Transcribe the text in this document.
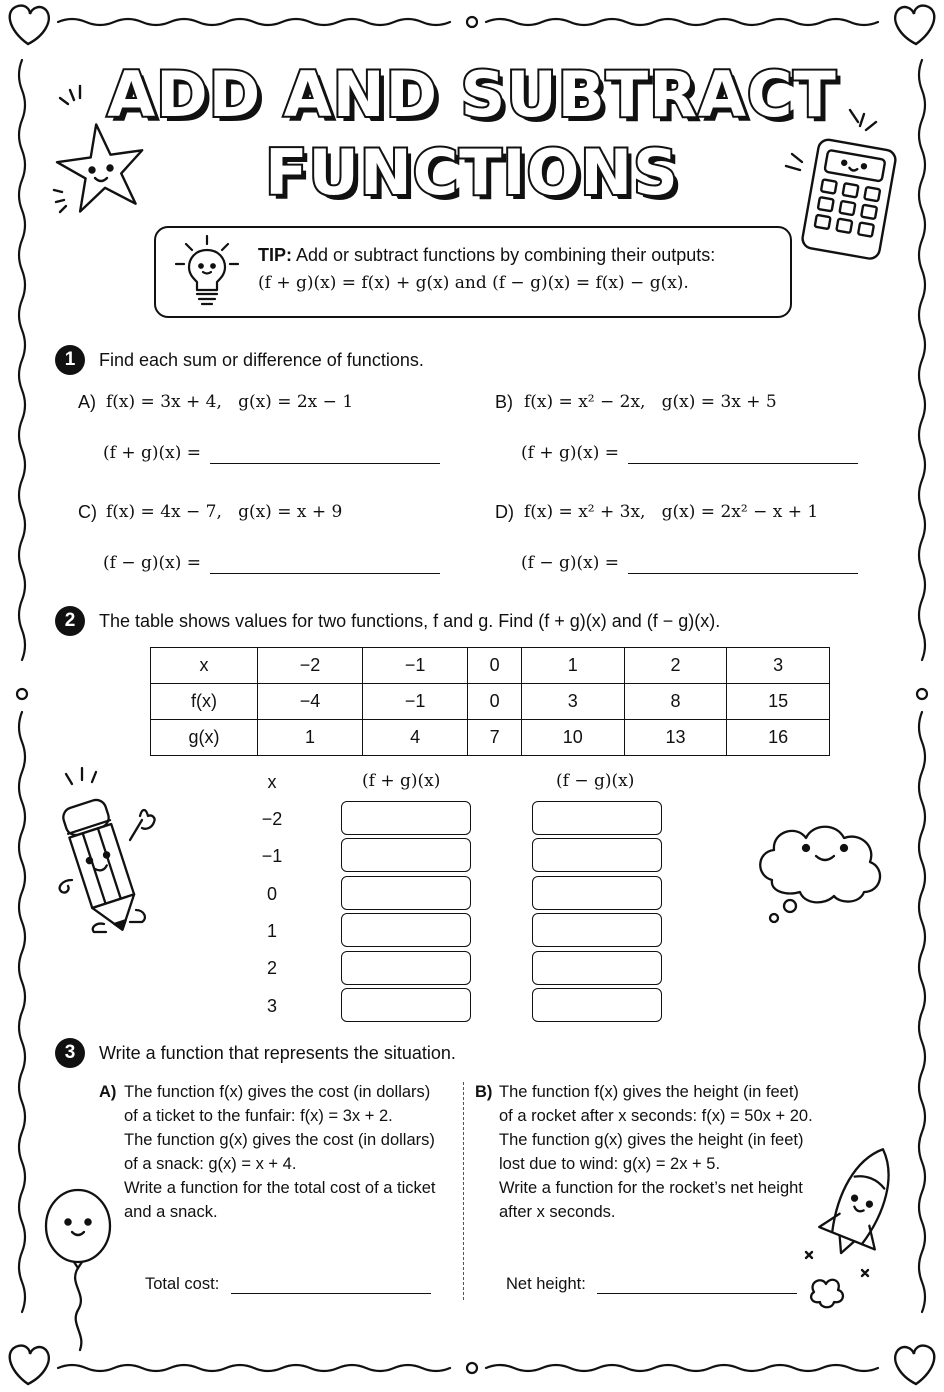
ADD AND SUBTRACT
FUNCTIONS
TIP: Add or subtract functions by combining their outputs:
(f + g)(x) = f(x) + g(x) and (f − g)(x) = f(x) − g(x).
1	Find each sum or difference of functions.
A) f(x) = 3x + 4,   g(x) = 2x − 1
(f + g)(x) =
B) f(x) = x² − 2x,   g(x) = 3x + 5
(f + g)(x) =
C) f(x) = 4x − 7,   g(x) = x + 9
(f − g)(x) =
D) f(x) = x² + 3x,   g(x) = 2x² − x + 1
(f − g)(x) =
2	The table shows values for two functions, f and g. Find (f + g)(x) and (f − g)(x).
x	−2	−1	0	1	2	3
f(x)	−4	−1	0	3	8	15
g(x)	1	4	7	10	13	16
x	(f + g)(x)	(f − g)(x)
−2
−1
0
1
2
3
3	Write a function that represents the situation.
A) The function f(x) gives the cost (in dollars)
of a ticket to the funfair: f(x) = 3x + 2.
The function g(x) gives the cost (in dollars)
of a snack: g(x) = x + 4.
Write a function for the total cost of a ticket
and a snack.
Total cost:
B) The function f(x) gives the height (in feet)
of a rocket after x seconds: f(x) = 50x + 20.
The function g(x) gives the height (in feet)
lost due to wind: g(x) = 2x + 5.
Write a function for the rocket’s net height
after x seconds.
Net height:
